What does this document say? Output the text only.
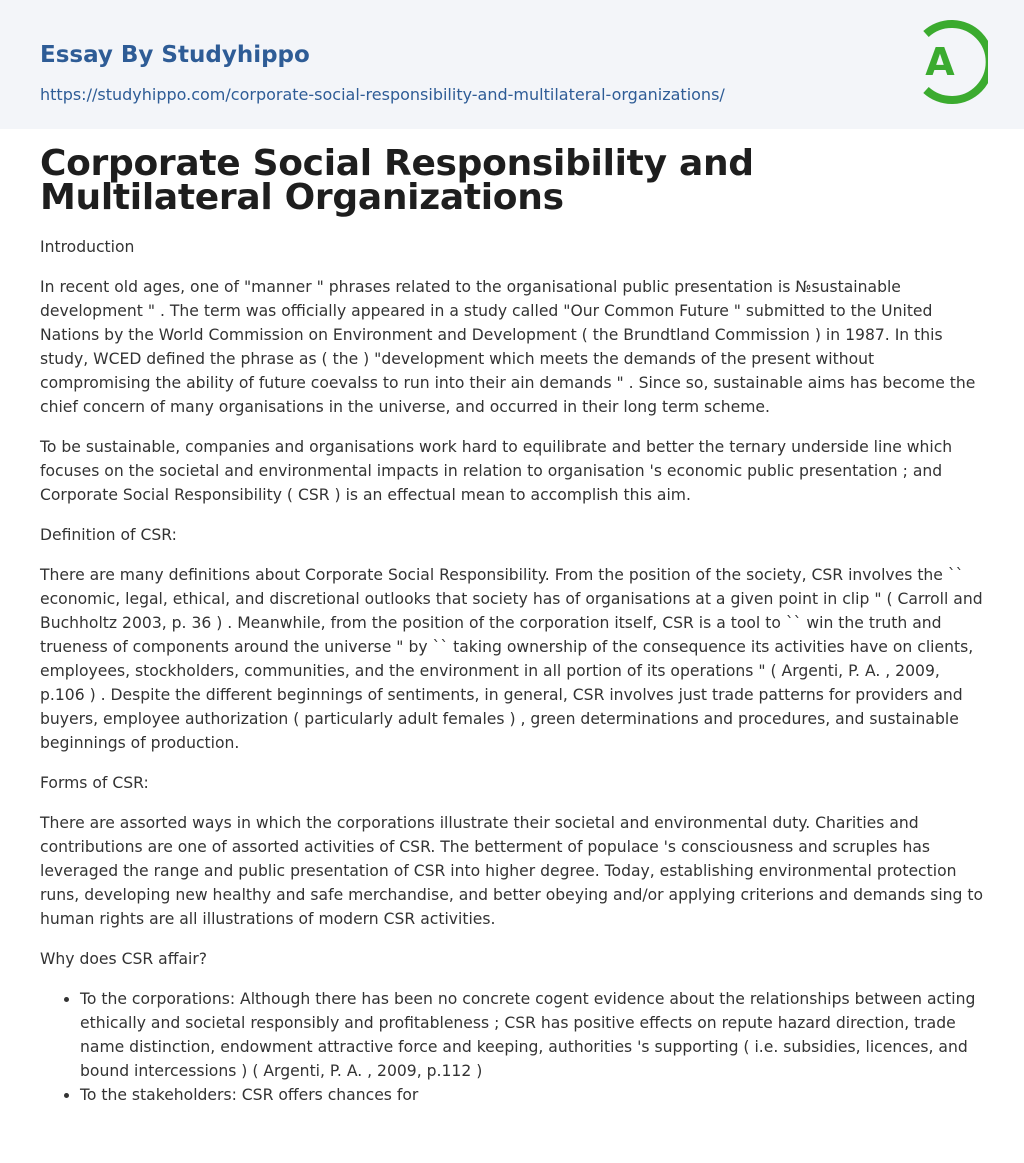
Essay By Studyhippo
https://studyhippo.com/corporate-social-responsibility-and-multilateral-organizations/
A
Corporate Social Responsibility and Multilateral Organizations

Introduction

In recent old ages, one of "manner " phrases related to the organisational public presentation is №sustainable development " . The term was officially appeared in a study called "Our Common Future " submitted to the United Nations by the World Commission on Environment and Development ( the Brundtland Commission ) in 1987. In this study, WCED defined the phrase as ( the ) "development which meets the demands of the present without compromising the ability of future coevalss to run into their ain demands " . Since so, sustainable aims has become the chief concern of many organisations in the universe, and occurred in their long term scheme.

To be sustainable, companies and organisations work hard to equilibrate and better the ternary underside line which focuses on the societal and environmental impacts in relation to organisation 's economic public presentation ; and Corporate Social Responsibility ( CSR ) is an effectual mean to accomplish this aim.

Definition of CSR:

There are many definitions about Corporate Social Responsibility. From the position of the society, CSR involves the `` economic, legal, ethical, and discretional outlooks that society has of organisations at a given point in clip " ( Carroll and Buchholtz 2003, p. 36 ) . Meanwhile, from the position of the corporation itself, CSR is a tool to `` win the truth and trueness of components around the universe " by `` taking ownership of the consequence its activities have on clients, employees, stockholders, communities, and the environment in all portion of its operations " ( Argenti, P. A. , 2009, p.106 ) . Despite the different beginnings of sentiments, in general, CSR involves just trade patterns for providers and buyers, employee authorization ( particularly adult females ) , green determinations and procedures, and sustainable beginnings of production.

Forms of CSR:

There are assorted ways in which the corporations illustrate their societal and environmental duty. Charities and contributions are one of assorted activities of CSR. The betterment of populace 's consciousness and scruples has leveraged the range and public presentation of CSR into higher degree. Today, establishing environmental protection runs, developing new healthy and safe merchandise, and better obeying and/or applying criterions and demands sing to human rights are all illustrations of modern CSR activities.

Why does CSR affair?

• To the corporations: Although there has been no concrete cogent evidence about the relationships between acting ethically and societal responsibly and profitableness ; CSR has positive effects on repute hazard direction, trade name distinction, endowment attractive force and keeping, authorities 's supporting ( i.e. subsidies, licences, and bound intercessions ) ( Argenti, P. A. , 2009, p.112 )
• To the stakeholders: CSR offers chances for
